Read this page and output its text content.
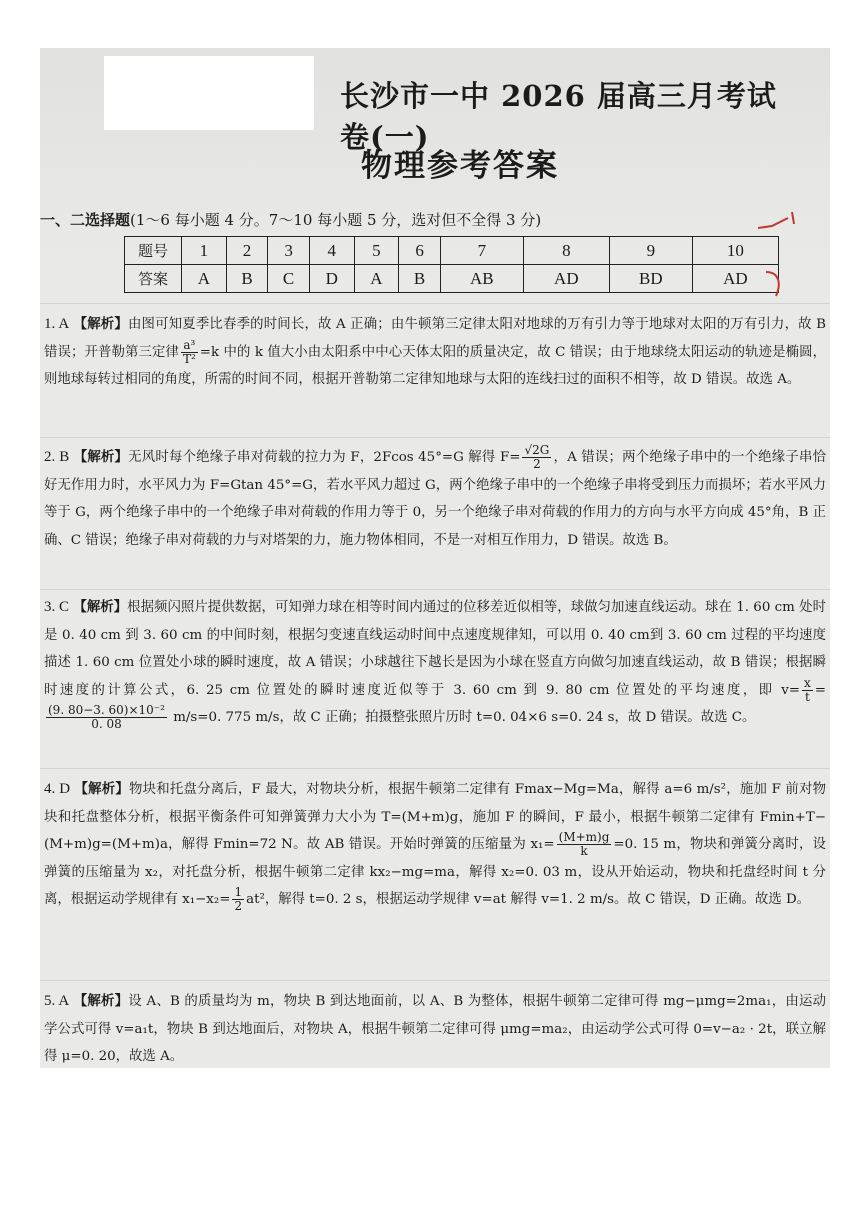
长沙市一中 2026 届高三月考试卷(一)
物理参考答案
一、二选择题(1～6 每小题 4 分。7～10 每小题 5 分，选对但不全得 3 分)
题号	1	2	3	4	5	6	7	8	9	10
答案	A	B	C	D	A	B	AB	AD	BD	AD
1. A 【解析】由图可知夏季比春季的时间长，故 A 正确；由牛顿第三定律太阳对地球的万有引力等于地球对太阳的万有引力，故 B 错误；开普勒第三定律 $\frac{\text{a³}}{\text{T²}} =k$ 中的 k 值大小由太阳系中中心天体太阳的质量决定，故 C 错误；由于地球绕太阳运动的轨迹是椭圆，则地球每转过相同的角度，所需的时间不同，根据开普勒第二定律知地球与太阳的连线扫过的面积不相等，故 D 错误。故选 A。
2. B 【解析】无风时每个绝缘子串对荷载的拉力为 F，2Fcos 45°=G 解得 $F= \frac{√2G}{2}$ ，A 错误；两个绝缘子串中的一个绝缘子串恰好无作用力时，水平风力为 F=Gtan 45°=G，若水平风力超过 G，两个绝缘子串中的一个绝缘子串将受到压力而损坏；若水平风力等于 G，两个绝缘子串中的一个绝缘子串对荷载的作用力等于 0，另一个绝缘子串对荷载的作用力的方向与水平方向成 45°角，B 正确、C 错误；绝缘子串对荷载的力与对塔架的力，施力物体相同，不是一对相互作用力，D 错误。故选 B。
3. C 【解析】根据频闪照片提供数据，可知弹力球在相等时间内通过的位移差近似相等，球做匀加速直线运动。球在 1. 60 cm 处时是 0. 40 cm 到 3. 60 cm 的中间时刻，根据匀变速直线运动时间中点速度规律知，可以用 0. 40 cm到 3. 60 cm 过程的平均速度描述 1. 60 cm 位置处小球的瞬时速度，故 A 错误；小球越往下越长是因为小球在竖直方向做匀加速直线运动，故 B 错误；根据瞬时速度的计算公式，6. 25 cm 位置处的瞬时速度近似等于 3. 60 cm 到 9. 80 cm 位置处的平均速度，即 $v= \frac{x}{t}$ =
$\frac{\text{(9. 80−3. 60)×10⁻²}}{0. 08} m/s=0$. 775 m/s，故 C 正确；拍摄整张照片历时 t=0. 04×6 s=0. 24 s，故 D 错误。故选 C。
4. D 【解析】物块和托盘分离后，F 最大，对物块分析，根据牛顿第二定律有 Fmax−Mg=Ma，解得 a=6 m/s²，施加 F 前对物块和托盘整体分析，根据平衡条件可知弹簧弹力大小为 T=(M+m)g，施加 F 的瞬间，F 最小，根据牛顿第二定律有 Fmin+T−(M+m)g=(M+m)a，解得 Fmin=72 N。故 AB 错误。开始时弹簧的压缩量为 $x_1= \frac{(M+m)g}{k} =0$. 15 m，物块和弹簧分离时，设弹簧的压缩量为 x₂，对托盘分析，根据牛顿第二定律 kx₂−mg=ma，解得 x₂=0. 03 m，设从开始运动，物块和托盘经时间 t 分离，根据运动学规律有 $x_1-x_2= \frac{1}{2} at^2$，解得 t=0. 2 s，根据运动学规律 v=at 解得 v=1. 2 m/s。故 C 错误，D 正确。故选 D。
5. A 【解析】设 A、B 的质量均为 m，物块 B 到达地面前，以 A、B 为整体，根据牛顿第二定律可得 mg−μmg=2ma₁，由运动学公式可得 v=a₁t，物块 B 到达地面后，对物块 A，根据牛顿第二定律可得 μmg=ma₂，由运动学公式可得 0=v−a₂ · 2t，联立解得 μ=0. 20，故选 A。
